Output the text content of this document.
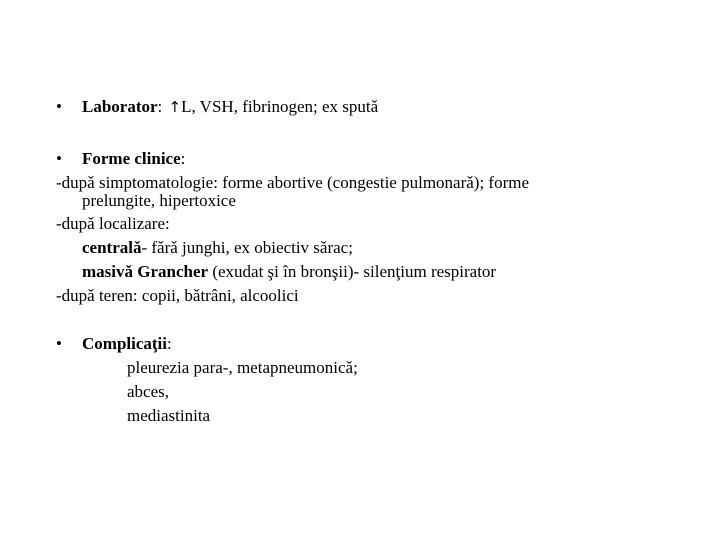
• Laborator: ↑L, VSH, fibrinogen; ex sputǎ
• Forme clinice:
-dupǎ simptomatologie: forme abortive (congestie pulmonarǎ); forme
prelungite, hipertoxice
-dupǎ localizare:
centralǎ- fǎrǎ junghi, ex obiectiv sǎrac;
masivǎ Grancher (exudat şi în bronşii)- silenţium respirator
-dupǎ teren: copii, bǎtrâni, alcoolici
• Complicaţii:
pleurezia para-, metapneumonicǎ;
abces,
mediastinita
